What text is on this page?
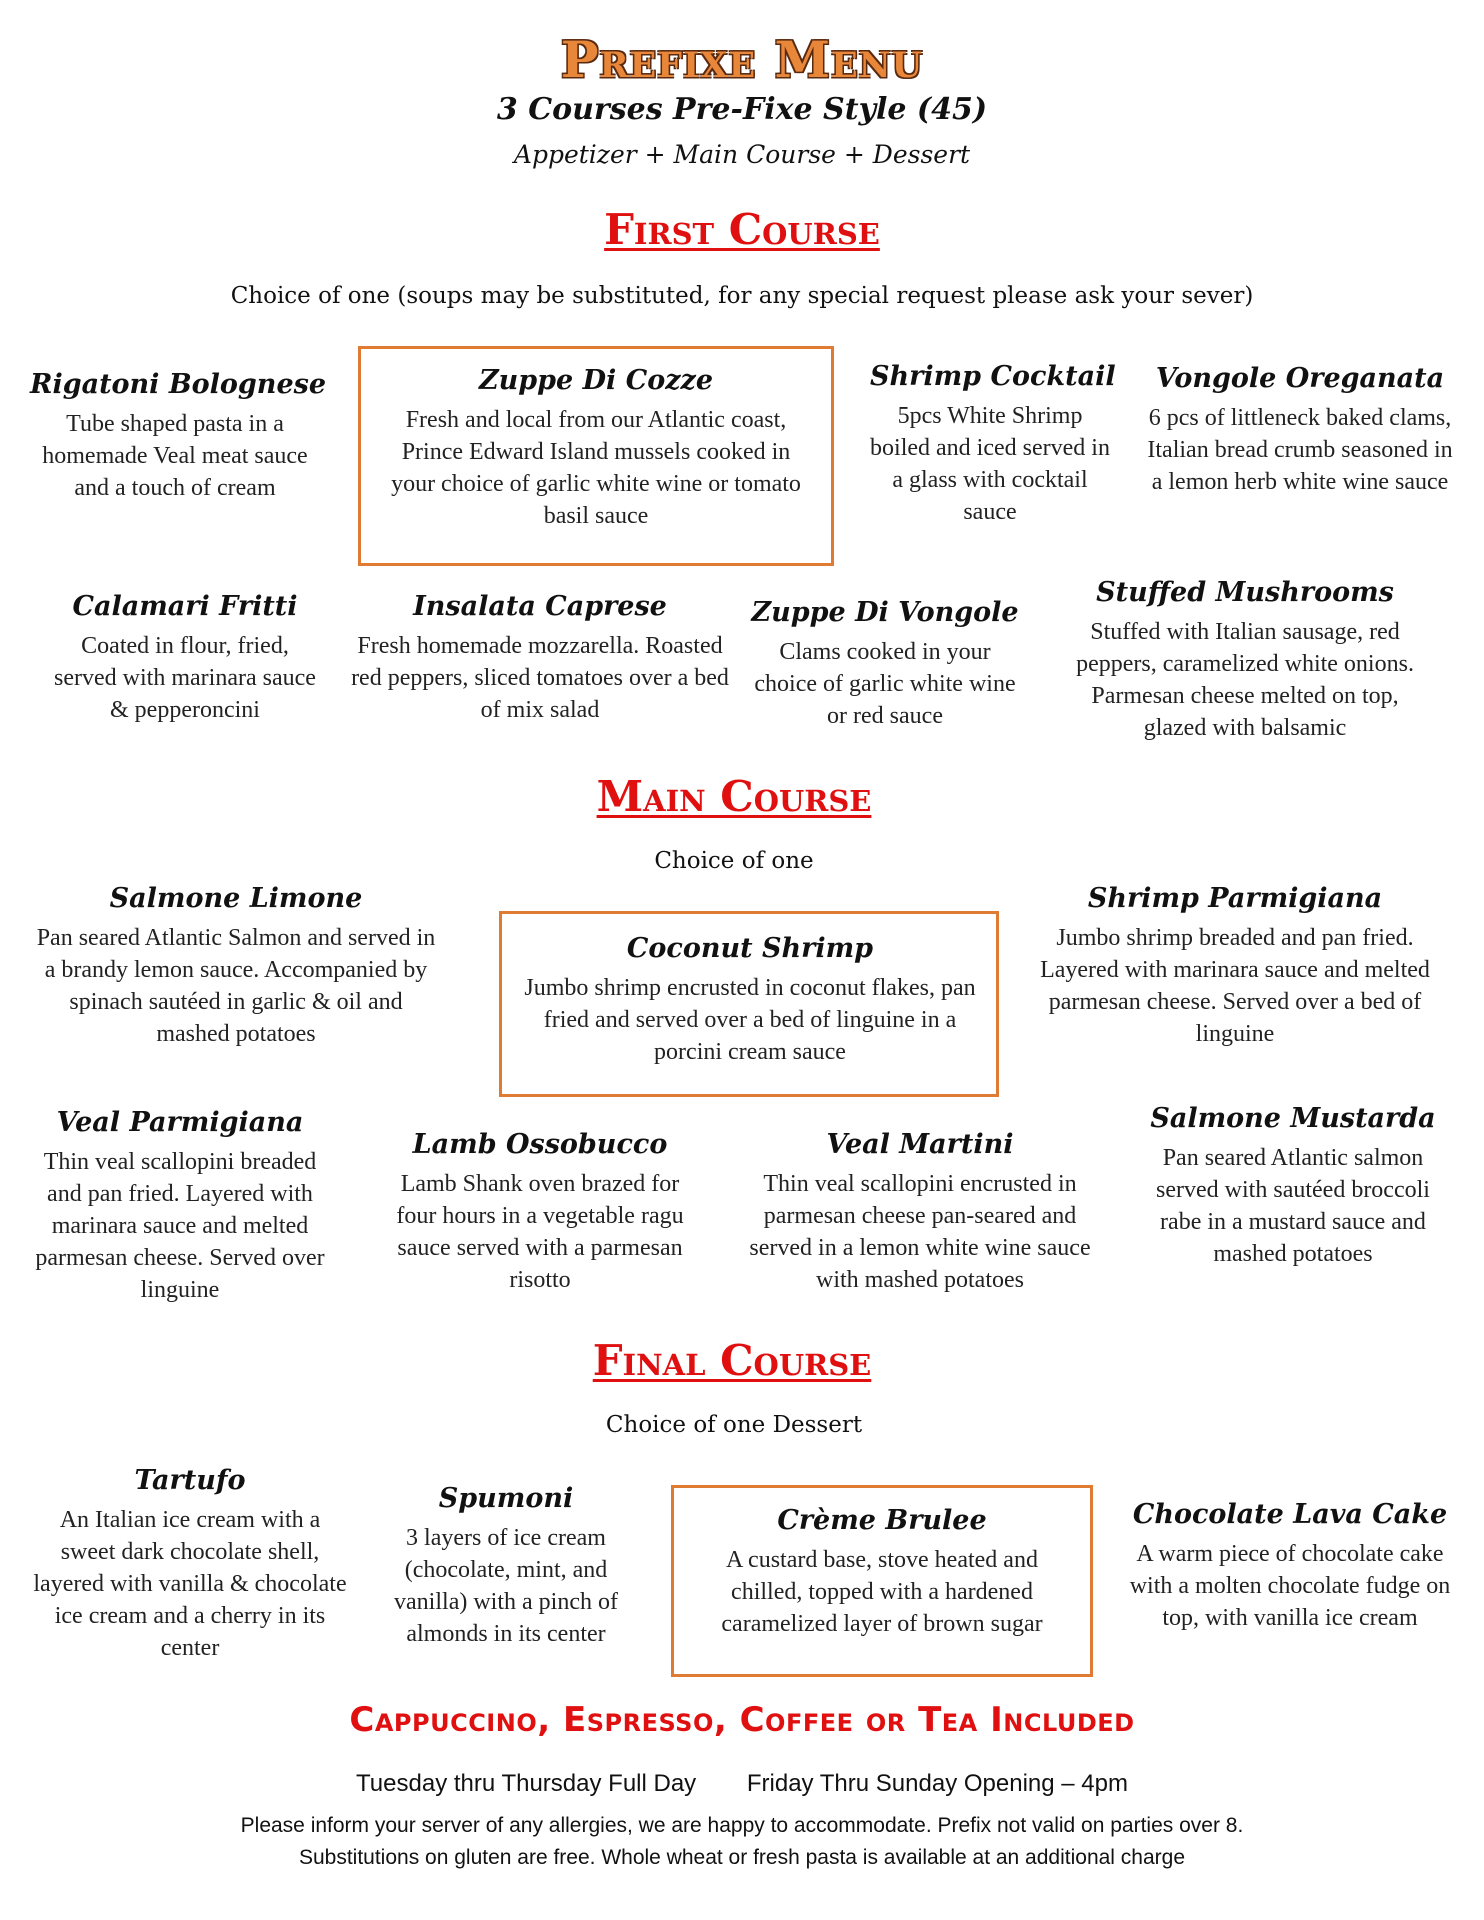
Prefixe Menu
3 Courses Pre-Fixe Style (45)
Appetizer + Main Course + Dessert
First Course
Choice of one (soups may be substituted, for any special request please ask your sever)
Rigatoni Bolognese
Tube shaped pasta in a homemade Veal meat sauce and a touch of cream
Zuppe Di Cozze
Fresh and local from our Atlantic coast, Prince Edward Island mussels cooked in your choice of garlic white wine or tomato basil sauce
Shrimp Cocktail
5pcs White Shrimp boiled and iced served in a glass with cocktail sauce
Vongole Oreganata
6 pcs of littleneck baked clams, Italian bread crumb seasoned in a lemon herb white wine sauce
Calamari Fritti
Coated in flour, fried, served with marinara sauce & pepperoncini
Insalata Caprese
Fresh homemade mozzarella. Roasted red peppers, sliced tomatoes over a bed of mix salad
Zuppe Di Vongole
Clams cooked in your choice of garlic white wine or red sauce
Stuffed Mushrooms
Stuffed with Italian sausage, red peppers, caramelized white onions. Parmesan cheese melted on top, glazed with balsamic
Main Course
Choice of one
Salmone Limone
Pan seared Atlantic Salmon and served in a brandy lemon sauce. Accompanied by spinach sautéed in garlic & oil and mashed potatoes
Coconut Shrimp
Jumbo shrimp encrusted in coconut flakes, pan fried and served over a bed of linguine in a porcini cream sauce
Shrimp Parmigiana
Jumbo shrimp breaded and pan fried. Layered with marinara sauce and melted parmesan cheese. Served over a bed of linguine
Veal Parmigiana
Thin veal scallopini breaded and pan fried. Layered with marinara sauce and melted parmesan cheese. Served over linguine
Lamb Ossobucco
Lamb Shank oven brazed for four hours in a vegetable ragu sauce served with a parmesan risotto
Veal Martini
Thin veal scallopini encrusted in parmesan cheese pan-seared and served in a lemon white wine sauce with mashed potatoes
Salmone Mustarda
Pan seared Atlantic salmon served with sautéed broccoli rabe in a mustard sauce and mashed potatoes
Final Course
Choice of one Dessert
Tartufo
An Italian ice cream with a sweet dark chocolate shell, layered with vanilla & chocolate ice cream and a cherry in its center
Spumoni
3 layers of ice cream (chocolate, mint, and vanilla) with a pinch of almonds in its center
Crème Brulee
A custard base, stove heated and chilled, topped with a hardened caramelized layer of brown sugar
Chocolate Lava Cake
A warm piece of chocolate cake with a molten chocolate fudge on top, with vanilla ice cream
Cappuccino, Espresso, Coffee or Tea Included
Tuesday thru Thursday Full Day Friday Thru Sunday Opening – 4pm
Please inform your server of any allergies, we are happy to accommodate. Prefix not valid on parties over 8.
Substitutions on gluten are free. Whole wheat or fresh pasta is available at an additional charge
